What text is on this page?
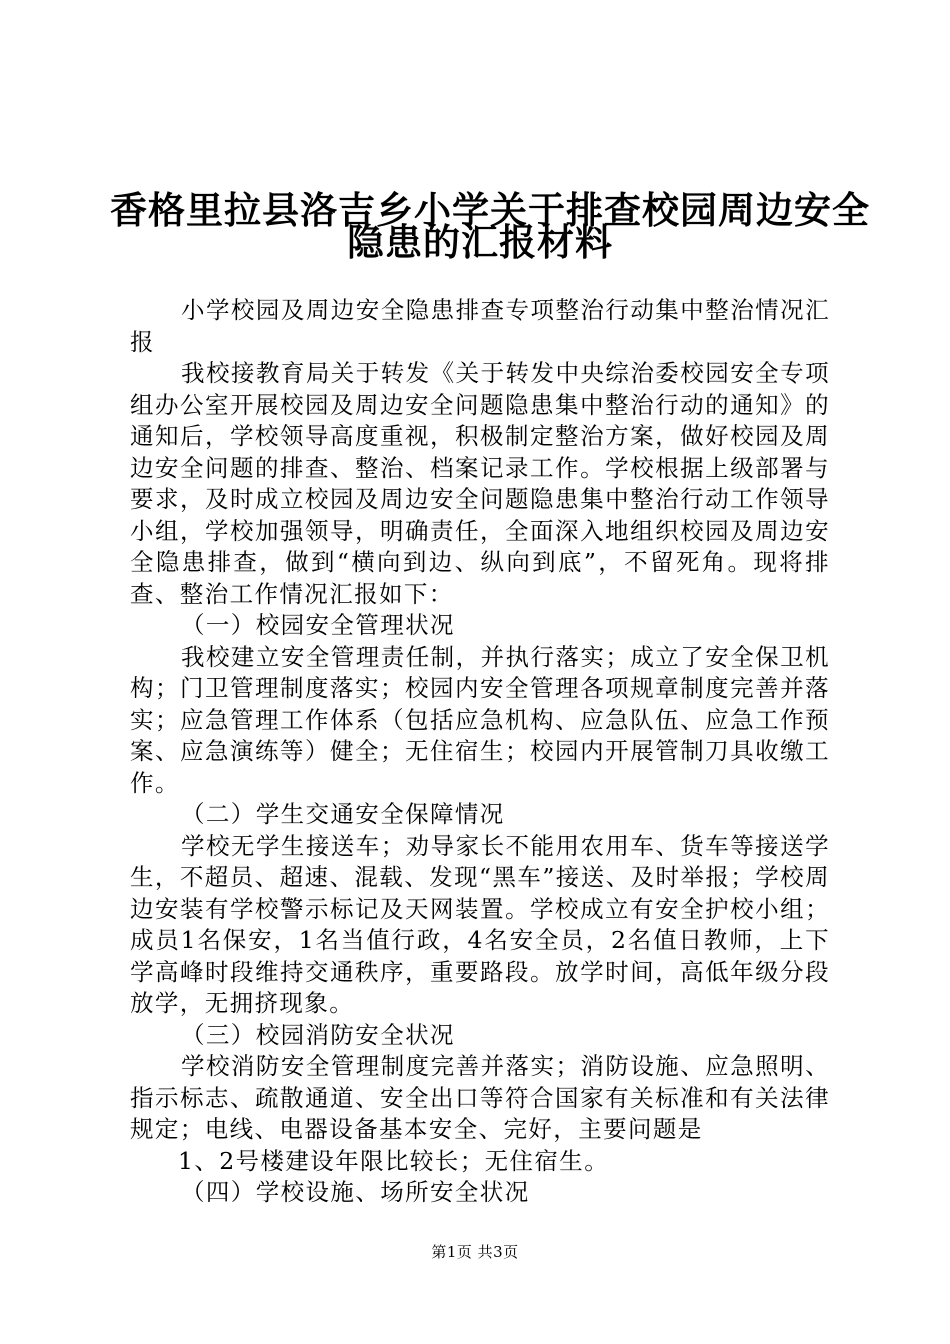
香格里拉县洛吉乡小学关于排查校园周边安全
隐患的汇报材料

小学校园及周边安全隐患排查专项整治行动集中整治情况汇报

我校接教育局关于转发《关于转发中央综治委校园安全专项组办公室开展校园及周边安全问题隐患集中整治行动的通知》的通知后，学校领导高度重视，积极制定整治方案，做好校园及周边安全问题的排查、整治、档案记录工作。学校根据上级部署与要求，及时成立校园及周边安全问题隐患集中整治行动工作领导小组，学校加强领导，明确责任，全面深入地组织校园及周边安全隐患排查，做到“横向到边、纵向到底”，不留死角。现将排查、整治工作情况汇报如下：

（一）校园安全管理状况

我校建立安全管理责任制，并执行落实；成立了安全保卫机构；门卫管理制度落实；校园内安全管理各项规章制度完善并落实；应急管理工作体系（包括应急机构、应急队伍、应急工作预案、应急演练等）健全；无住宿生；校园内开展管制刀具收缴工作。

（二）学生交通安全保障情况

学校无学生接送车；劝导家长不能用农用车、货车等接送学生，不超员、超速、混载、发现“黑车”接送、及时举报；学校周边安装有学校警示标记及天网装置。学校成立有安全护校小组；成员1名保安，1名当值行政，4名安全员，2名值日教师，上下学高峰时段维持交通秩序，重要路段。放学时间，高低年级分段放学，无拥挤现象。

（三）校园消防安全状况

学校消防安全管理制度完善并落实；消防设施、应急照明、指示标志、疏散通道、安全出口等符合国家有关标准和有关法律规定；电线、电器设备基本安全、完好，主要问题是

1、2号楼建设年限比较长；无住宿生。

（四）学校设施、场所安全状况

第1页 共3页
